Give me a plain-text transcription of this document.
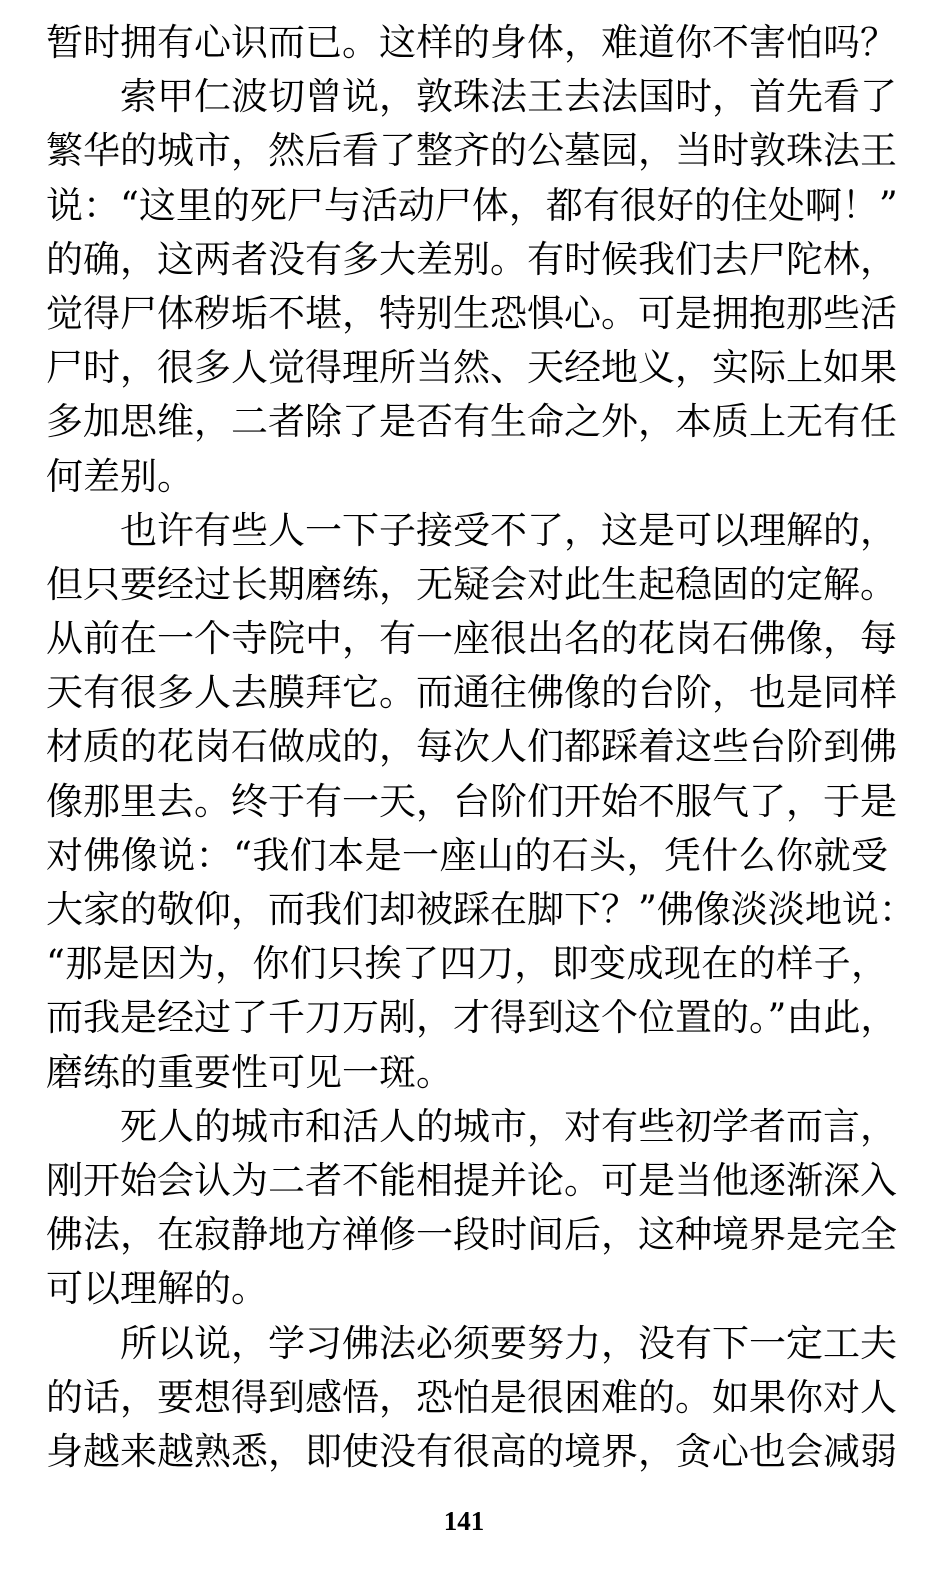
暂时拥有心识而已。这样的身体，难道你不害怕吗？
　　索甲仁波切曾说，敦珠法王去法国时，首先看了
繁华的城市，然后看了整齐的公墓园，当时敦珠法王
说：“这里的死尸与活动尸体，都有很好的住处啊！”
的确，这两者没有多大差别。有时候我们去尸陀林，
觉得尸体秽垢不堪，特别生恐惧心。可是拥抱那些活
尸时，很多人觉得理所当然、天经地义，实际上如果
多加思维，二者除了是否有生命之外，本质上无有任
何差别。
　　也许有些人一下子接受不了，这是可以理解的，
但只要经过长期磨练，无疑会对此生起稳固的定解。
从前在一个寺院中，有一座很出名的花岗石佛像，每
天有很多人去膜拜它。而通往佛像的台阶，也是同样
材质的花岗石做成的，每次人们都踩着这些台阶到佛
像那里去。终于有一天，台阶们开始不服气了，于是
对佛像说：“我们本是一座山的石头，凭什么你就受
大家的敬仰，而我们却被踩在脚下？”佛像淡淡地说：
“那是因为，你们只挨了四刀，即变成现在的样子，
而我是经过了千刀万剐，才得到这个位置的。”由此，
磨练的重要性可见一斑。
　　死人的城市和活人的城市，对有些初学者而言，
刚开始会认为二者不能相提并论。可是当他逐渐深入
佛法，在寂静地方禅修一段时间后，这种境界是完全
可以理解的。
　　所以说，学习佛法必须要努力，没有下一定工夫
的话，要想得到感悟，恐怕是很困难的。如果你对人
身越来越熟悉，即使没有很高的境界，贪心也会减弱
141
